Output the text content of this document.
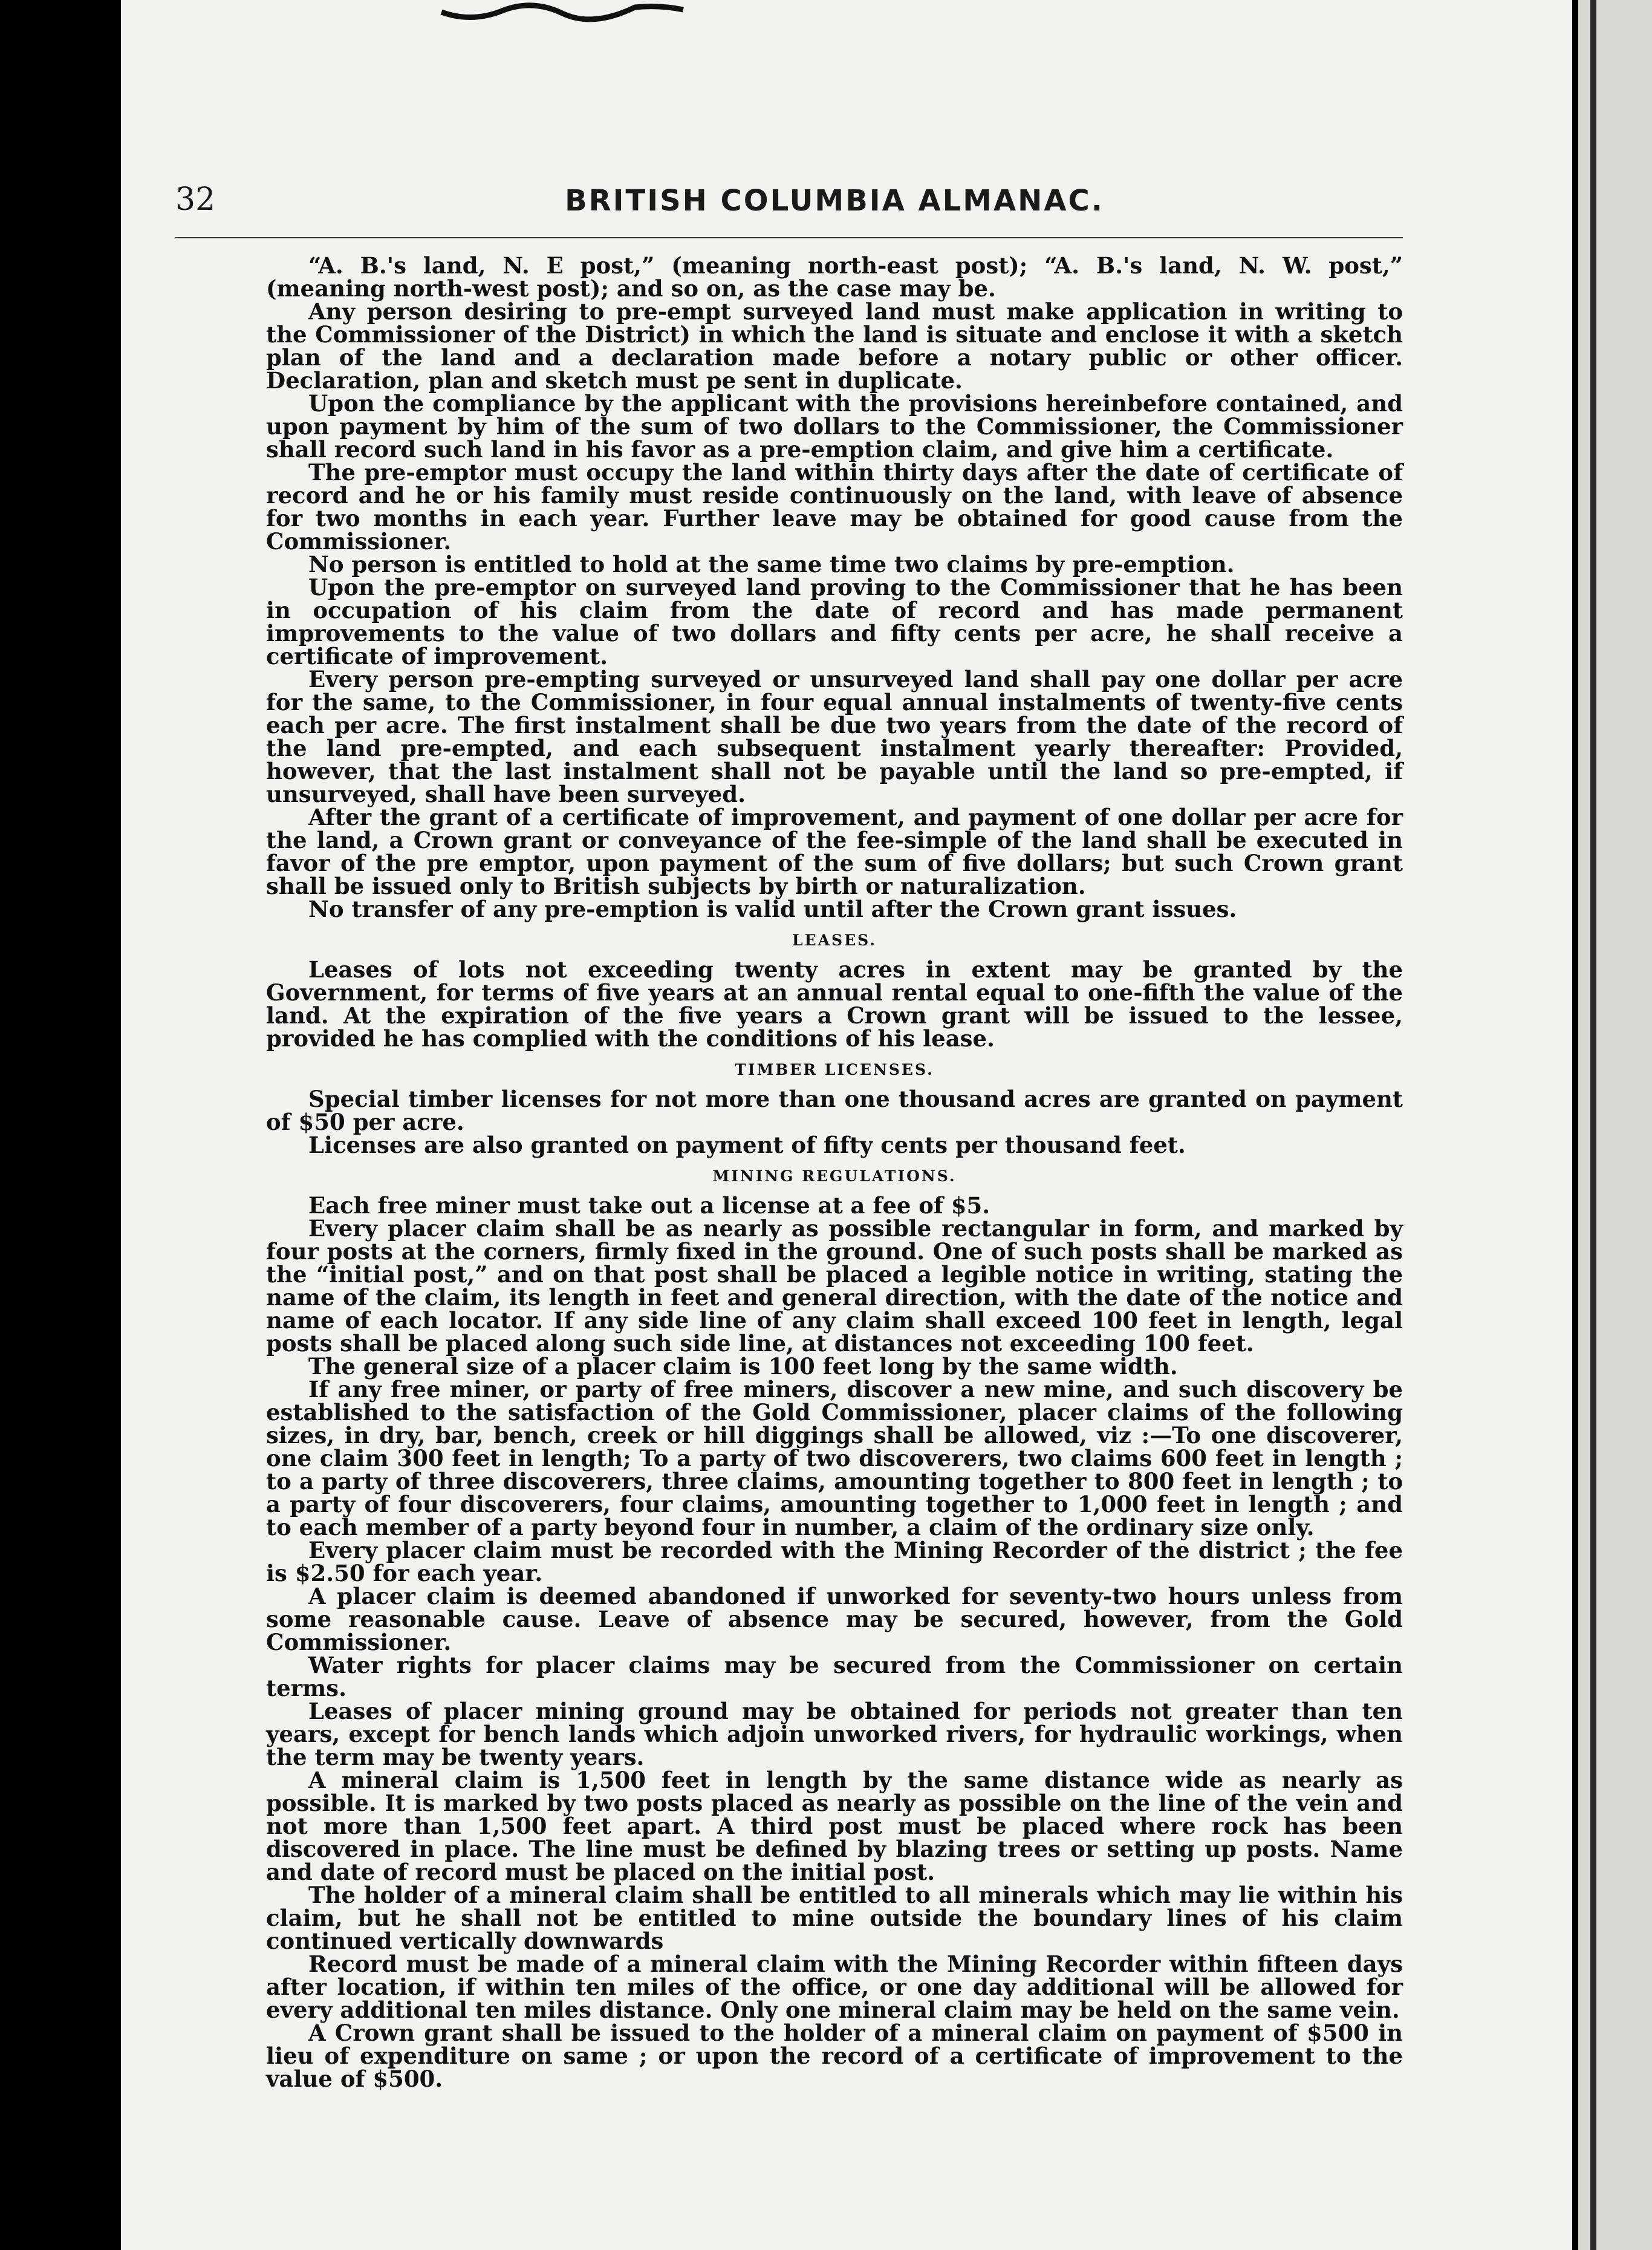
32	BRITISH COLUMBIA ALMANAC.

“A. B.'s land, N. E post,” (meaning north-east post); “A. B.'s land, N. W. post,” (meaning north-west post); and so on, as the case may be.

Any person desiring to pre-empt surveyed land must make application in writing to the Commissioner of the District) in which the land is situate and enclose it with a sketch plan of the land and a declaration made before a notary public or other officer. Declaration, plan and sketch must pe sent in duplicate.

Upon the compliance by the applicant with the provisions hereinbefore contained, and upon payment by him of the sum of two dollars to the Commissioner, the Commissioner shall record such land in his favor as a pre-emption claim, and give him a certificate.

The pre-emptor must occupy the land within thirty days after the date of certificate of record and he or his family must reside continuously on the land, with leave of absence for two months in each year. Further leave may be obtained for good cause from the Commissioner.

No person is entitled to hold at the same time two claims by pre-emption.

Upon the pre-emptor on surveyed land proving to the Commissioner that he has been in occupation of his claim from the date of record and has made permanent improvements to the value of two dollars and fifty cents per acre, he shall receive a certificate of improvement.

Every person pre-empting surveyed or unsurveyed land shall pay one dollar per acre for the same, to the Commissioner, in four equal annual instalments of twenty-five cents each per acre. The first instalment shall be due two years from the date of the record of the land pre-empted, and each subsequent instalment yearly thereafter: Provided, however, that the last instalment shall not be payable until the land so pre-empted, if unsurveyed, shall have been surveyed.

After the grant of a certificate of improvement, and payment of one dollar per acre for the land, a Crown grant or conveyance of the fee-simple of the land shall be executed in favor of the pre emptor, upon payment of the sum of five dollars; but such Crown grant shall be issued only to British subjects by birth or naturalization.

No transfer of any pre-emption is valid until after the Crown grant issues.

LEASES.

Leases of lots not exceeding twenty acres in extent may be granted by the Government, for terms of five years at an annual rental equal to one-fifth the value of the land. At the expiration of the five years a Crown grant will be issued to the lessee, provided he has complied with the conditions of his lease.

TIMBER LICENSES.

Special timber licenses for not more than one thousand acres are granted on payment of $50 per acre.

Licenses are also granted on payment of fifty cents per thousand feet.

MINING REGULATIONS.

Each free miner must take out a license at a fee of $5.

Every placer claim shall be as nearly as possible rectangular in form, and marked by four posts at the corners, firmly fixed in the ground. One of such posts shall be marked as the “initial post,” and on that post shall be placed a legible notice in writing, stating the name of the claim, its length in feet and general direction, with the date of the notice and name of each locator. If any side line of any claim shall exceed 100 feet in length, legal posts shall be placed along such side line, at distances not exceeding 100 feet.

The general size of a placer claim is 100 feet long by the same width.

If any free miner, or party of free miners, discover a new mine, and such discovery be established to the satisfaction of the Gold Commissioner, placer claims of the following sizes, in dry, bar, bench, creek or hill diggings shall be allowed, viz :—To one discoverer, one claim 300 feet in length; To a party of two discoverers, two claims 600 feet in length ; to a party of three discoverers, three claims, amounting together to 800 feet in length ; to a party of four discoverers, four claims, amounting together to 1,000 feet in length ; and to each member of a party beyond four in number, a claim of the ordinary size only.

Every placer claim must be recorded with the Mining Recorder of the district ; the fee is $2.50 for each year.

A placer claim is deemed abandoned if unworked for seventy-two hours unless from some reasonable cause. Leave of absence may be secured, however, from the Gold Commissioner.

Water rights for placer claims may be secured from the Commissioner on certain terms.

Leases of placer mining ground may be obtained for periods not greater than ten years, except for bench lands which adjoin unworked rivers, for hydraulic workings, when the term may be twenty years.

A mineral claim is 1,500 feet in length by the same distance wide as nearly as possible. It is marked by two posts placed as nearly as possible on the line of the vein and not more than 1,500 feet apart. A third post must be placed where rock has been discovered in place. The line must be defined by blazing trees or setting up posts. Name and date of record must be placed on the initial post.

The holder of a mineral claim shall be entitled to all minerals which may lie within his claim, but he shall not be entitled to mine outside the boundary lines of his claim continued vertically downwards

Record must be made of a mineral claim with the Mining Recorder within fifteen days after location, if within ten miles of the office, or one day additional will be allowed for every additional ten miles distance. Only one mineral claim may be held on the same vein.

A Crown grant shall be issued to the holder of a mineral claim on payment of $500 in lieu of expenditure on same ; or upon the record of a certificate of improvement to the value of $500.
